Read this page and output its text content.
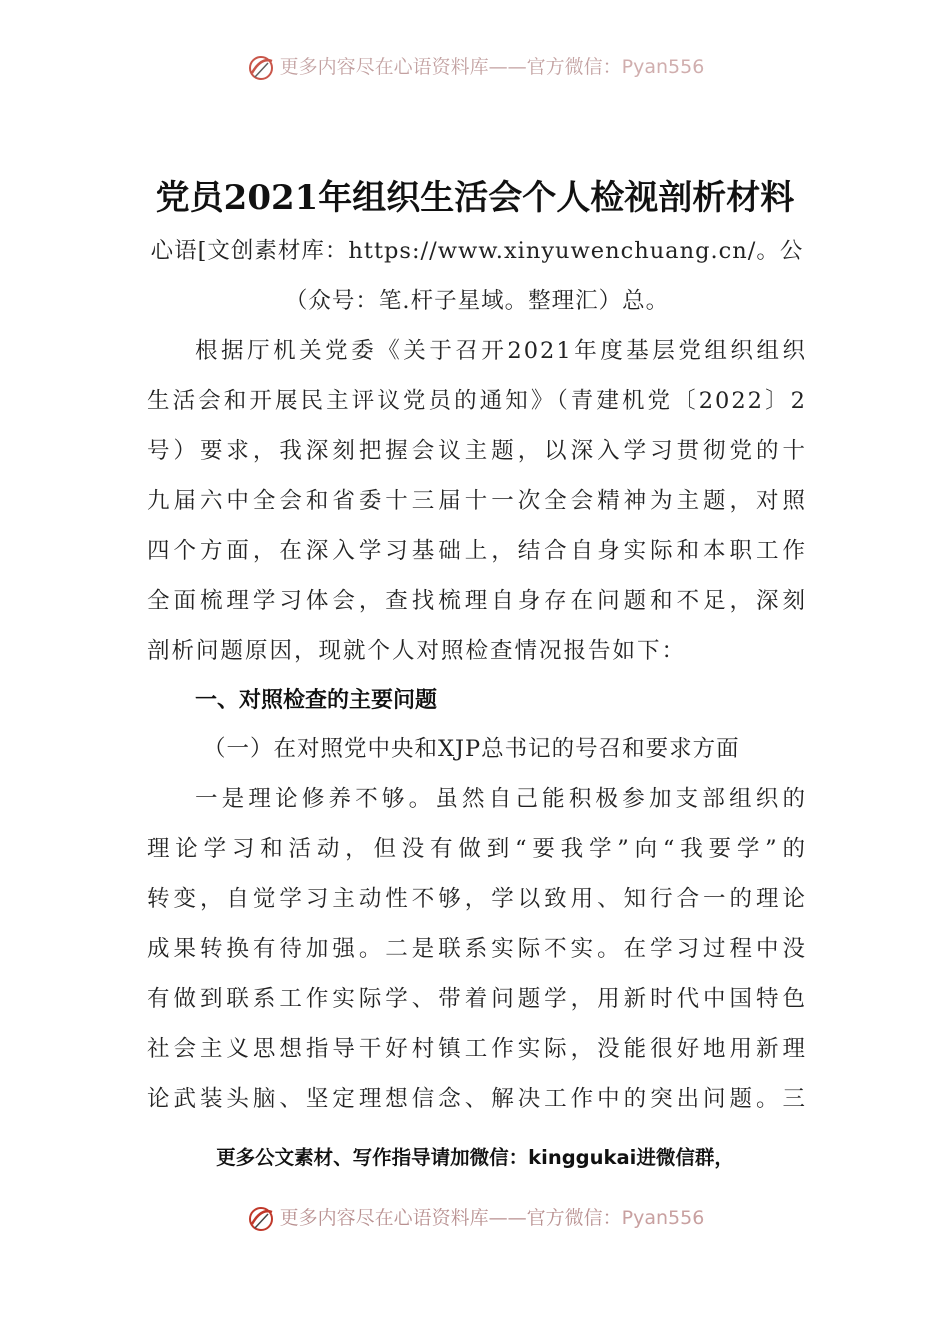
更多内容尽在心语资料库——官方微信：Pyan556
党员2021年组织生活会个人检视剖析材料
心语[文创素材库：https://www.xinyuwenchuang.cn/。公
（众号：笔.杆子星域。整理汇）总。
根据厅机关党委《关于召开2021年度基层党组织组织
生活会和开展民主评议党员的通知》（青建机党〔2022〕2
号）要求，我深刻把握会议主题，以深入学习贯彻党的十
九届六中全会和省委十三届十一次全会精神为主题，对照
四个方面，在深入学习基础上，结合自身实际和本职工作
全面梳理学习体会，查找梳理自身存在问题和不足，深刻
剖析问题原因，现就个人对照检查情况报告如下：
一、对照检查的主要问题
（一）在对照党中央和XJP总书记的号召和要求方面
一是理论修养不够。虽然自己能积极参加支部组织的
理论学习和活动，但没有做到“要我学”向“我要学”的
转变，自觉学习主动性不够，学以致用、知行合一的理论
成果转换有待加强。二是联系实际不实。在学习过程中没
有做到联系工作实际学、带着问题学，用新时代中国特色
社会主义思想指导干好村镇工作实际，没能很好地用新理
论武装头脑、坚定理想信念、解决工作中的突出问题。三
更多公文素材、写作指导请加微信：kinggukai进微信群，
更多内容尽在心语资料库——官方微信：Pyan556
